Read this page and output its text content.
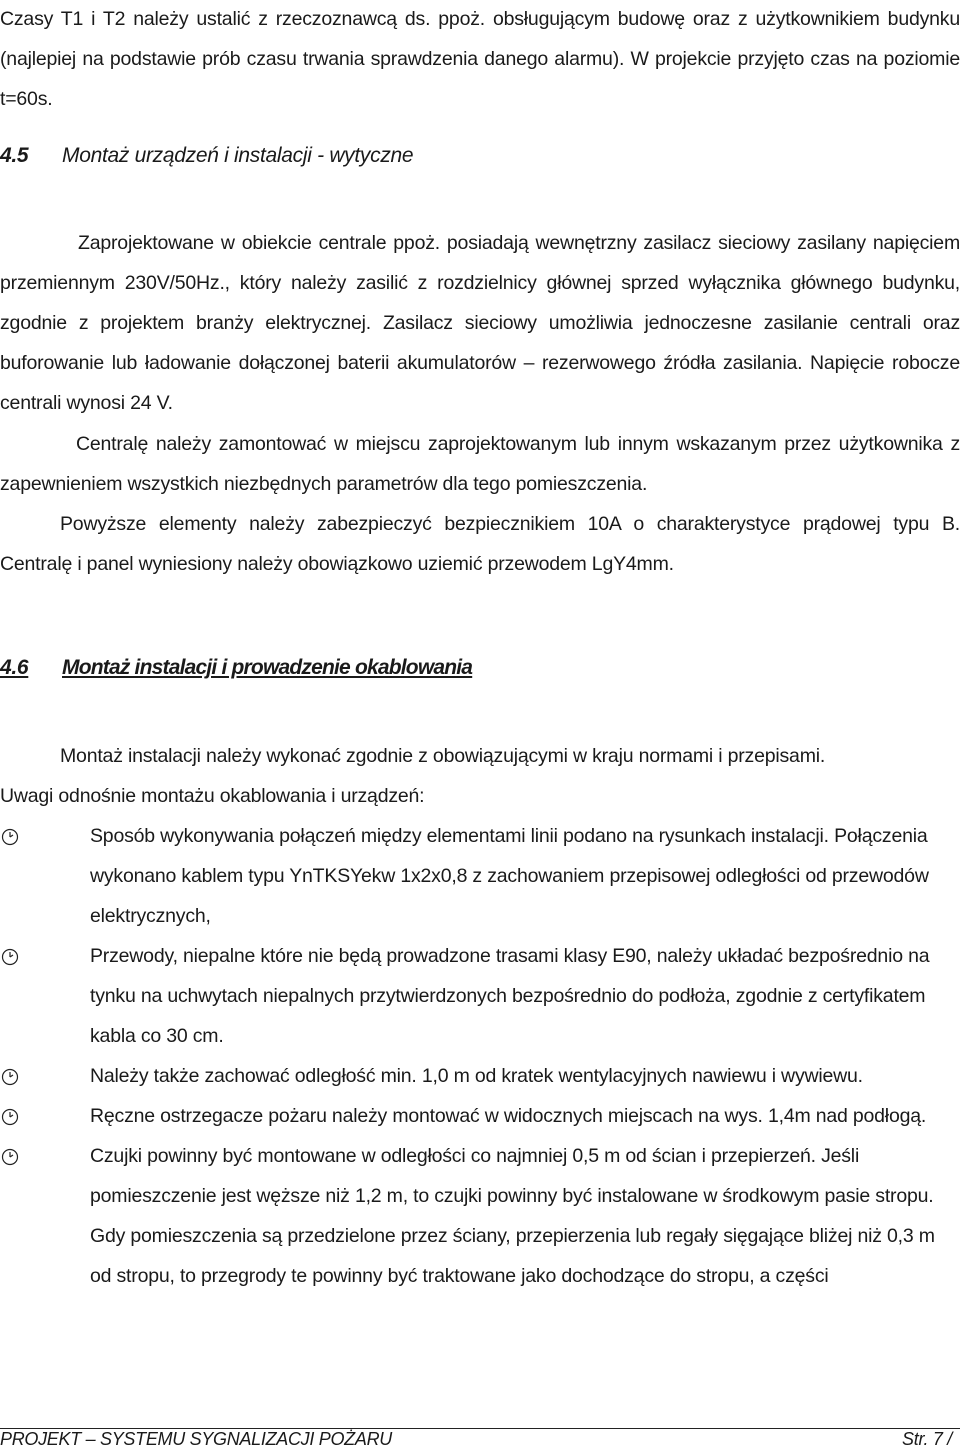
Czasy T1 i T2 należy ustalić z rzeczoznawcą ds. ppoż. obsługującym budowę oraz z użytkownikiem budynku (najlepiej na podstawie prób czasu trwania sprawdzenia danego alarmu). W projekcie przyjęto czas na poziomie t=60s.

4.5 Montaż urządzeń i instalacji - wytyczne

Zaprojektowane w obiekcie centrale ppoż. posiadają wewnętrzny zasilacz sieciowy zasilany napięciem przemiennym 230V/50Hz., który należy zasilić z rozdzielnicy głównej sprzed wyłącznika głównego budynku, zgodnie z projektem branży elektrycznej. Zasilacz sieciowy umożliwia jednoczesne zasilanie centrali oraz buforowanie lub ładowanie dołączonej baterii akumulatorów – rezerwowego źródła zasilania. Napięcie robocze centrali wynosi 24 V.

Centralę należy zamontować w miejscu zaprojektowanym lub innym wskazanym przez użytkownika z zapewnieniem wszystkich niezbędnych parametrów dla tego pomieszczenia.

Powyższe elementy należy zabezpieczyć bezpiecznikiem 10A o charakterystyce prądowej typu B. Centralę i panel wyniesiony należy obowiązkowo uziemić przewodem LgY4mm.

4.6 Montaż instalacji i prowadzenie okablowania

Montaż instalacji należy wykonać zgodnie z obowiązującymi w kraju normami i przepisami.

Uwagi odnośnie montażu okablowania i urządzeń:

Sposób wykonywania połączeń między elementami linii podano na rysunkach instalacji. Połączenia wykonano kablem typu YnTKSYekw 1x2x0,8 z zachowaniem przepisowej odległości od przewodów elektrycznych,
Przewody, niepalne które nie będą prowadzone trasami klasy E90, należy układać bezpośrednio na tynku na uchwytach niepalnych przytwierdzonych bezpośrednio do podłoża, zgodnie z certyfikatem kabla co 30 cm.
Należy także zachować odległość min. 1,0 m od kratek wentylacyjnych nawiewu i wywiewu.
Ręczne ostrzegacze pożaru należy montować w widocznych miejscach na wys. 1,4m nad podłogą.
Czujki powinny być montowane w odległości co najmniej 0,5 m od ścian i przepierzeń. Jeśli pomieszczenie jest węższe niż 1,2 m, to czujki powinny być instalowane w środkowym pasie stropu. Gdy pomieszczenia są przedzielone przez ściany, przepierzenia lub regały sięgające bliżej niż 0,3 m od stropu, to przegrody te powinny być traktowane jako dochodzące do stropu, a części
PROJEKT – SYSTEMU SYGNALIZACJI POŻARU	Str. 7 /
